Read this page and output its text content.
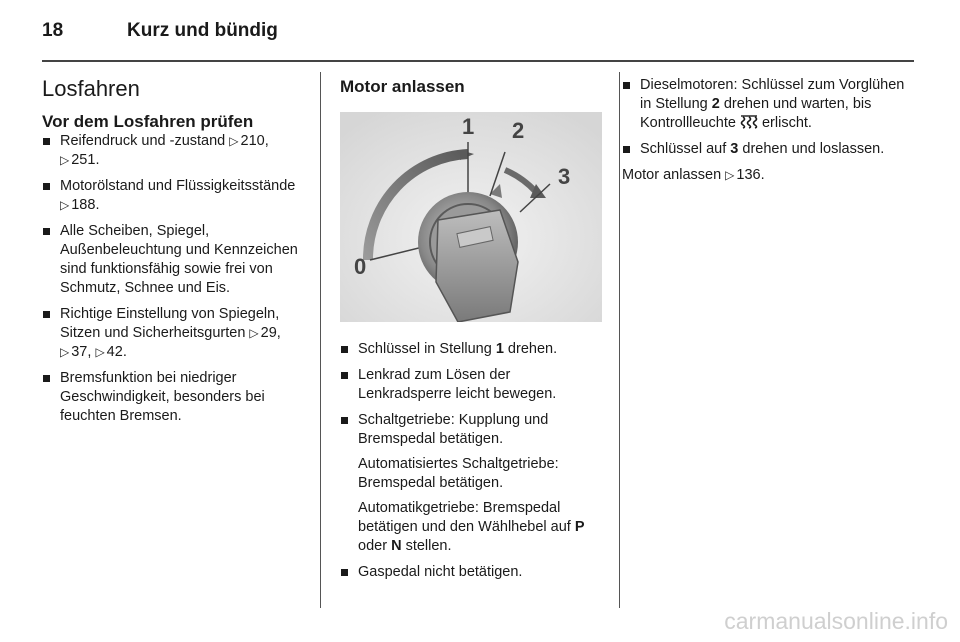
18	Kurz und bündig
Losfahren
Vor dem Losfahren prüfen
Reifendruck und -zustand ▷ 210, ▷ 251.
Motorölstand und Flüssigkeitsstände ▷ 188.
Alle Scheiben, Spiegel, Außenbeleuchtung und Kennzeichen sind funktionsfähig sowie frei von Schmutz, Schnee und Eis.
Richtige Einstellung von Spiegeln, Sitzen und Sicherheitsgurten ▷ 29, ▷ 37, ▷ 42.
Bremsfunktion bei niedriger Geschwindigkeit, besonders bei feuchten Bremsen.
Motor anlassen
1 2
3
0
Schlüssel in Stellung 1 drehen.
Lenkrad zum Lösen der Lenkradsperre leicht bewegen.
Schaltgetriebe: Kupplung und Bremspedal betätigen.
Automatisiertes Schaltgetriebe: Bremspedal betätigen.
Automatikgetriebe: Bremspedal betätigen und den Wählhebel auf P oder N stellen.
Gaspedal nicht betätigen.
Dieselmotoren: Schlüssel zum Vorglühen in Stellung 2 drehen und warten, bis Kontrollleuchte  erlischt.
Schlüssel auf 3 drehen und loslassen.

Motor anlassen ▷ 136.

carmanualsonline.info
